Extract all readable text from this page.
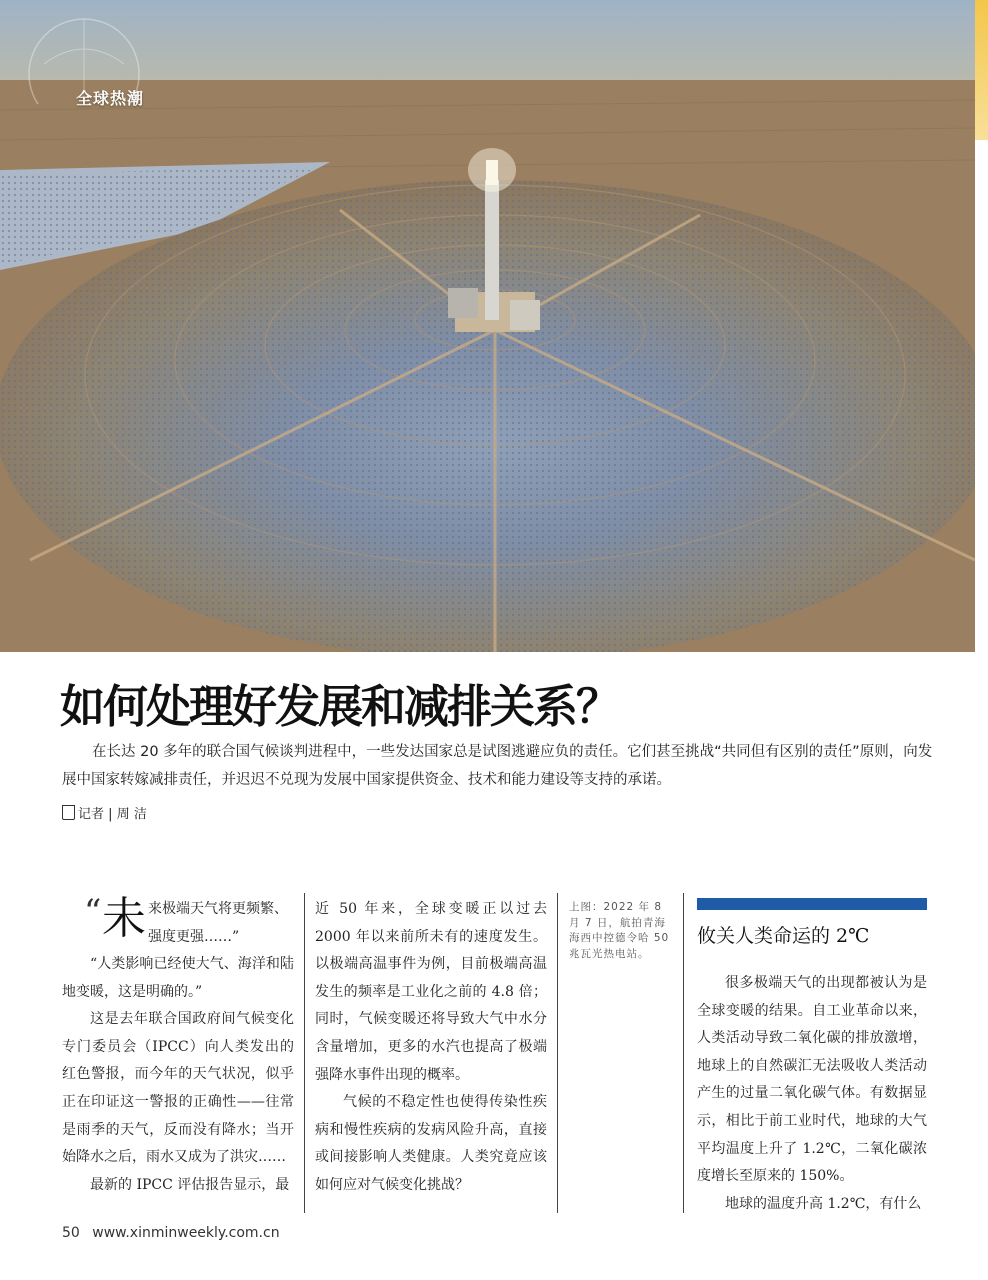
全球热潮
如何处理好发展和减排关系？

在长达 20 多年的联合国气候谈判进程中，一些发达国家总是试图逃避应负的责任。它们甚至挑战“共同但有区别的责任”原则，向发展中国家转嫁减排责任，并迟迟不兑现为发展中国家提供资金、技术和能力建设等支持的承诺。

记者 | 周 洁
“ 未 来极端天气将更频繁、强度更强……”

“人类影响已经使大气、海洋和陆地变暖，这是明确的。”

这是去年联合国政府间气候变化专门委员会（IPCC）向人类发出的红色警报，而今年的天气状况，似乎正在印证这一警报的正确性——往常是雨季的天气，反而没有降水；当开始降水之后，雨水又成为了洪灾……

最新的 IPCC 评估报告显示，最

近 50 年来，全球变暖正以过去 2000 年以来前所未有的速度发生。以极端高温事件为例，目前极端高温发生的频率是工业化之前的 4.8 倍；同时，气候变暖还将导致大气中水分含量增加，更多的水汽也提高了极端强降水事件出现的概率。

气候的不稳定性也使得传染性疾病和慢性疾病的发病风险升高，直接或间接影响人类健康。人类究竟应该如何应对气候变化挑战？

上图：2022 年 8 月 7 日，航拍青海海西中控德令哈 50 兆瓦光热电站。
攸关人类命运的 2℃

很多极端天气的出现都被认为是全球变暖的结果。自工业革命以来，人类活动导致二氧化碳的排放激增，地球上的自然碳汇无法吸收人类活动产生的过量二氧化碳气体。有数据显示，相比于前工业时代，地球的大气平均温度上升了 1.2℃，二氧化碳浓度增长至原来的 150%。

地球的温度升高 1.2℃，有什么

50 www.xinminweekly.com.cn
